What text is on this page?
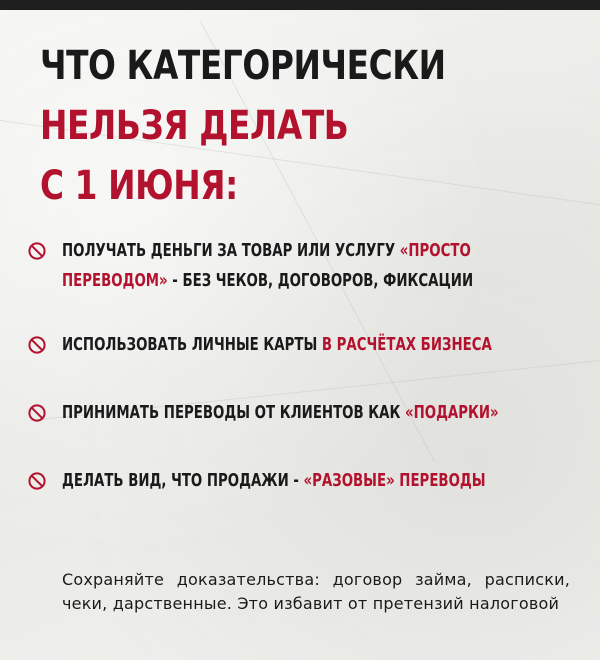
ЧТО КАТЕГОРИЧЕСКИ
НЕЛЬЗЯ ДЕЛАТЬ
С 1 ИЮНЯ:
ПОЛУЧАТЬ ДЕНЬГИ ЗА ТОВАР ИЛИ УСЛУГУ «ПРОСТО
ПЕРЕВОДОМ» - БЕЗ ЧЕКОВ, ДОГОВОРОВ, ФИКСАЦИИ
ИСПОЛЬЗОВАТЬ ЛИЧНЫЕ КАРТЫ В РАСЧЁТАХ БИЗНЕСА
ПРИНИМАТЬ ПЕРЕВОДЫ ОТ КЛИЕНТОВ КАК «ПОДАРКИ»
ДЕЛАТЬ ВИД, ЧТО ПРОДАЖИ - «РАЗОВЫЕ» ПЕРЕВОДЫ
Сохраняйте доказательства: договор займа, расписки, чеки, дарственные. Это избавит от претензий налоговой
